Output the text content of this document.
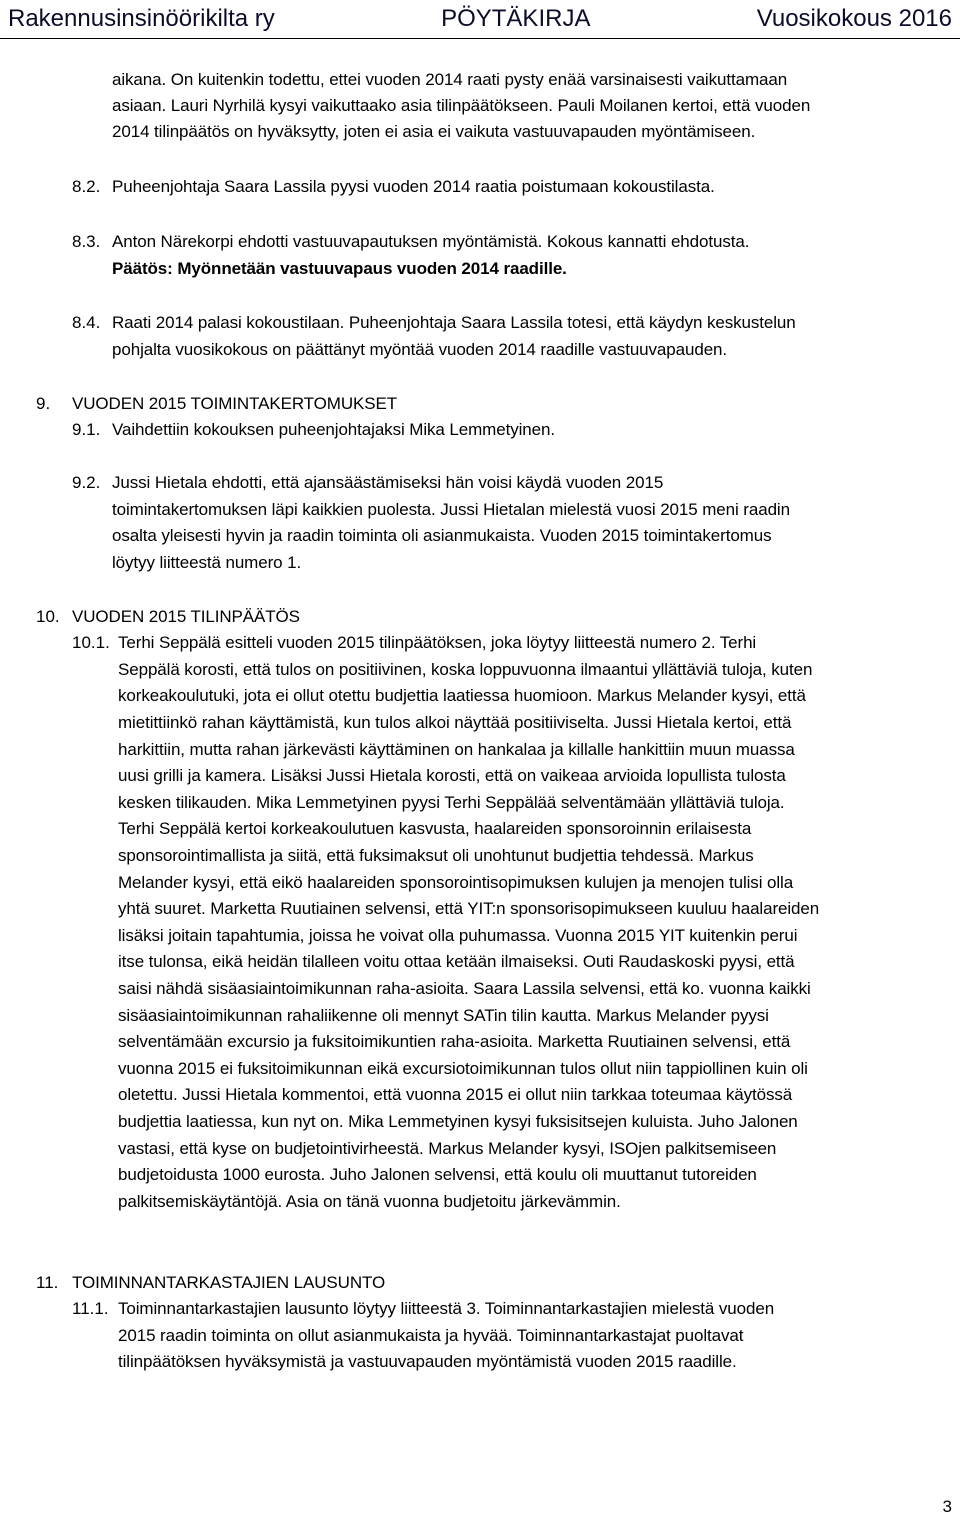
Rakennusinsinöörikilta ry	PÖYTÄKIRJA	Vuosikokous 2016
aikana. On kuitenkin todettu, ettei vuoden 2014 raati pysty enää varsinaisesti vaikuttamaan
asiaan. Lauri Nyrhilä kysyi vaikuttaako asia tilinpäätökseen. Pauli Moilanen kertoi, että vuoden
2014 tilinpäätös on hyväksytty, joten ei asia ei vaikuta vastuuvapauden myöntämiseen.
8.2. Puheenjohtaja Saara Lassila pyysi vuoden 2014 raatia poistumaan kokoustilasta.
8.3. Anton Närekorpi ehdotti vastuuvapautuksen myöntämistä. Kokous kannatti ehdotusta.
Päätös: Myönnetään vastuuvapaus vuoden 2014 raadille.
8.4. Raati 2014 palasi kokoustilaan. Puheenjohtaja Saara Lassila totesi, että käydyn keskustelun
pohjalta vuosikokous on päättänyt myöntää vuoden 2014 raadille vastuuvapauden.
9. VUODEN 2015 TOIMINTAKERTOMUKSET
9.1. Vaihdettiin kokouksen puheenjohtajaksi Mika Lemmetyinen.
9.2. Jussi Hietala ehdotti, että ajansäästämiseksi hän voisi käydä vuoden 2015
toimintakertomuksen läpi kaikkien puolesta. Jussi Hietalan mielestä vuosi 2015 meni raadin
osalta yleisesti hyvin ja raadin toiminta oli asianmukaista. Vuoden 2015 toimintakertomus
löytyy liitteestä numero 1.
10. VUODEN 2015 TILINPÄÄTÖS
10.1. Terhi Seppälä esitteli vuoden 2015 tilinpäätöksen, joka löytyy liitteestä numero 2. Terhi
Seppälä korosti, että tulos on positiivinen, koska loppuvuonna ilmaantui yllättäviä tuloja, kuten
korkeakoulutuki, jota ei ollut otettu budjettia laatiessa huomioon. Markus Melander kysyi, että
mietittiinkö rahan käyttämistä, kun tulos alkoi näyttää positiiviselta. Jussi Hietala kertoi, että
harkittiin, mutta rahan järkevästi käyttäminen on hankalaa ja killalle hankittiin muun muassa
uusi grilli ja kamera. Lisäksi Jussi Hietala korosti, että on vaikeaa arvioida lopullista tulosta
kesken tilikauden. Mika Lemmetyinen pyysi Terhi Seppälää selventämään yllättäviä tuloja.
Terhi Seppälä kertoi korkeakoulutuen kasvusta, haalareiden sponsoroinnin erilaisesta
sponsorointimallista ja siitä, että fuksimaksut oli unohtunut budjettia tehdessä. Markus
Melander kysyi, että eikö haalareiden sponsorointisopimuksen kulujen ja menojen tulisi olla
yhtä suuret. Marketta Ruutiainen selvensi, että YIT:n sponsorisopimukseen kuuluu haalareiden
lisäksi joitain tapahtumia, joissa he voivat olla puhumassa. Vuonna 2015 YIT kuitenkin perui
itse tulonsa, eikä heidän tilalleen voitu ottaa ketään ilmaiseksi. Outi Raudaskoski pyysi, että
saisi nähdä sisäasiaintoimikunnan raha-asioita. Saara Lassila selvensi, että ko. vuonna kaikki
sisäasiaintoimikunnan rahaliikenne oli mennyt SATin tilin kautta. Markus Melander pyysi
selventämään excursio ja fuksitoimikuntien raha-asioita. Marketta Ruutiainen selvensi, että
vuonna 2015 ei fuksitoimikunnan eikä excursiotoimikunnan tulos ollut niin tappiollinen kuin oli
oletettu. Jussi Hietala kommentoi, että vuonna 2015 ei ollut niin tarkkaa toteumaa käytössä
budjettia laatiessa, kun nyt on. Mika Lemmetyinen kysyi fuksisitsejen kuluista. Juho Jalonen
vastasi, että kyse on budjetointivirheestä. Markus Melander kysyi, ISOjen palkitsemiseen
budjetoidusta 1000 eurosta. Juho Jalonen selvensi, että koulu oli muuttanut tutoreiden
palkitsemiskäytäntöjä. Asia on tänä vuonna budjetoitu järkevämmin.
11. TOIMINNANTARKASTAJIEN LAUSUNTO
11.1. Toiminnantarkastajien lausunto löytyy liitteestä 3. Toiminnantarkastajien mielestä vuoden
2015 raadin toiminta on ollut asianmukaista ja hyvää. Toiminnantarkastajat puoltavat
tilinpäätöksen hyväksymistä ja vastuuvapauden myöntämistä vuoden 2015 raadille.
3
